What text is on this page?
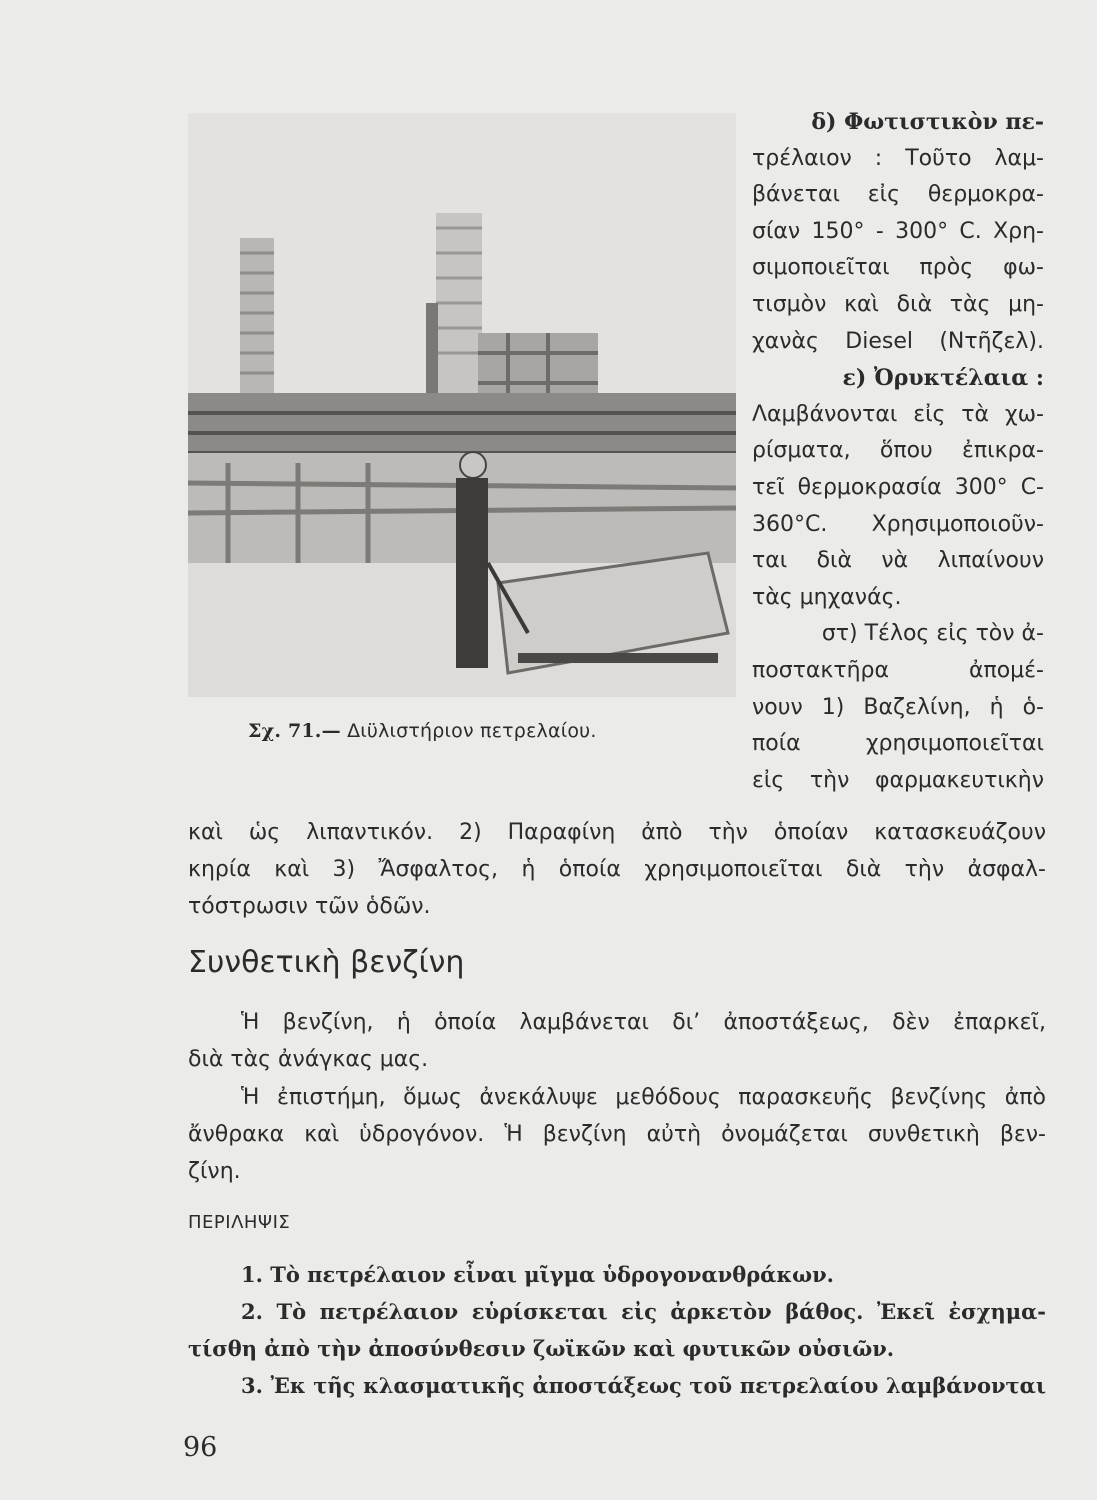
Σχ. 71.— Διϋλιστήριον πετρελαίου.
δ) Φωτιστικὸν πε-
τρέλαιον : Τοῦτο λαμ-
βάνεται εἰς θερμοκρα-
σίαν 150° - 300° C. Χρη-
σιμοποιεῖται πρὸς φω-
τισμὸν καὶ διὰ τὰς μη-
χανὰς Diesel (Ντῆζελ).
ε) Ὀρυκτέλαια :
Λαμβάνονται εἰς τὰ χω-
ρίσματα, ὅπου ἐπικρα-
τεῖ θερμοκρασία 300° C-
360°C. Χρησιμοποιοῦν-
ται διὰ νὰ λιπαίνουν
τὰς μηχανάς.
στ) Τέλος εἰς τὸν ἀ-
ποστακτῆρα ἀπομέ-
νουν 1) Βαζελίνη, ἡ ὁ-
ποία χρησιμοποιεῖται
εἰς τὴν φαρμακευτικὴν
καὶ ὡς λιπαντικόν. 2) Παραφίνη ἀπὸ τὴν ὁποίαν κατασκευάζουν
κηρία καὶ 3) Ἄσφαλτος, ἡ ὁποία χρησιμοποιεῖται διὰ τὴν ἀσφαλ-
τόστρωσιν τῶν ὁδῶν.
Συνθετικὴ βενζίνη
Ἡ βενζίνη, ἡ ὁποία λαμβάνεται δι’ ἀποστάξεως, δὲν ἐπαρκεῖ,
διὰ τὰς ἀνάγκας μας.
Ἡ ἐπιστήμη, ὅμως ἀνεκάλυψε μεθόδους παρασκευῆς βενζίνης ἀπὸ
ἄνθρακα καὶ ὑδρογόνον. Ἡ βενζίνη αὐτὴ ὀνομάζεται συνθετικὴ βεν-
ζίνη.
ΠΕΡΙΛΗΨΙΣ
1. Τὸ πετρέλαιον εἶναι μῖγμα ὑδρογονανθράκων.
2. Τὸ πετρέλαιον εὑρίσκεται εἰς ἀρκετὸν βάθος. Ἐκεῖ ἐσχημα-
τίσθη ἀπὸ τὴν ἀποσύνθεσιν ζωϊκῶν καὶ φυτικῶν οὐσιῶν.
3. Ἐκ τῆς κλασματικῆς ἀποστάξεως τοῦ πετρελαίου λαμβάνονται
96
